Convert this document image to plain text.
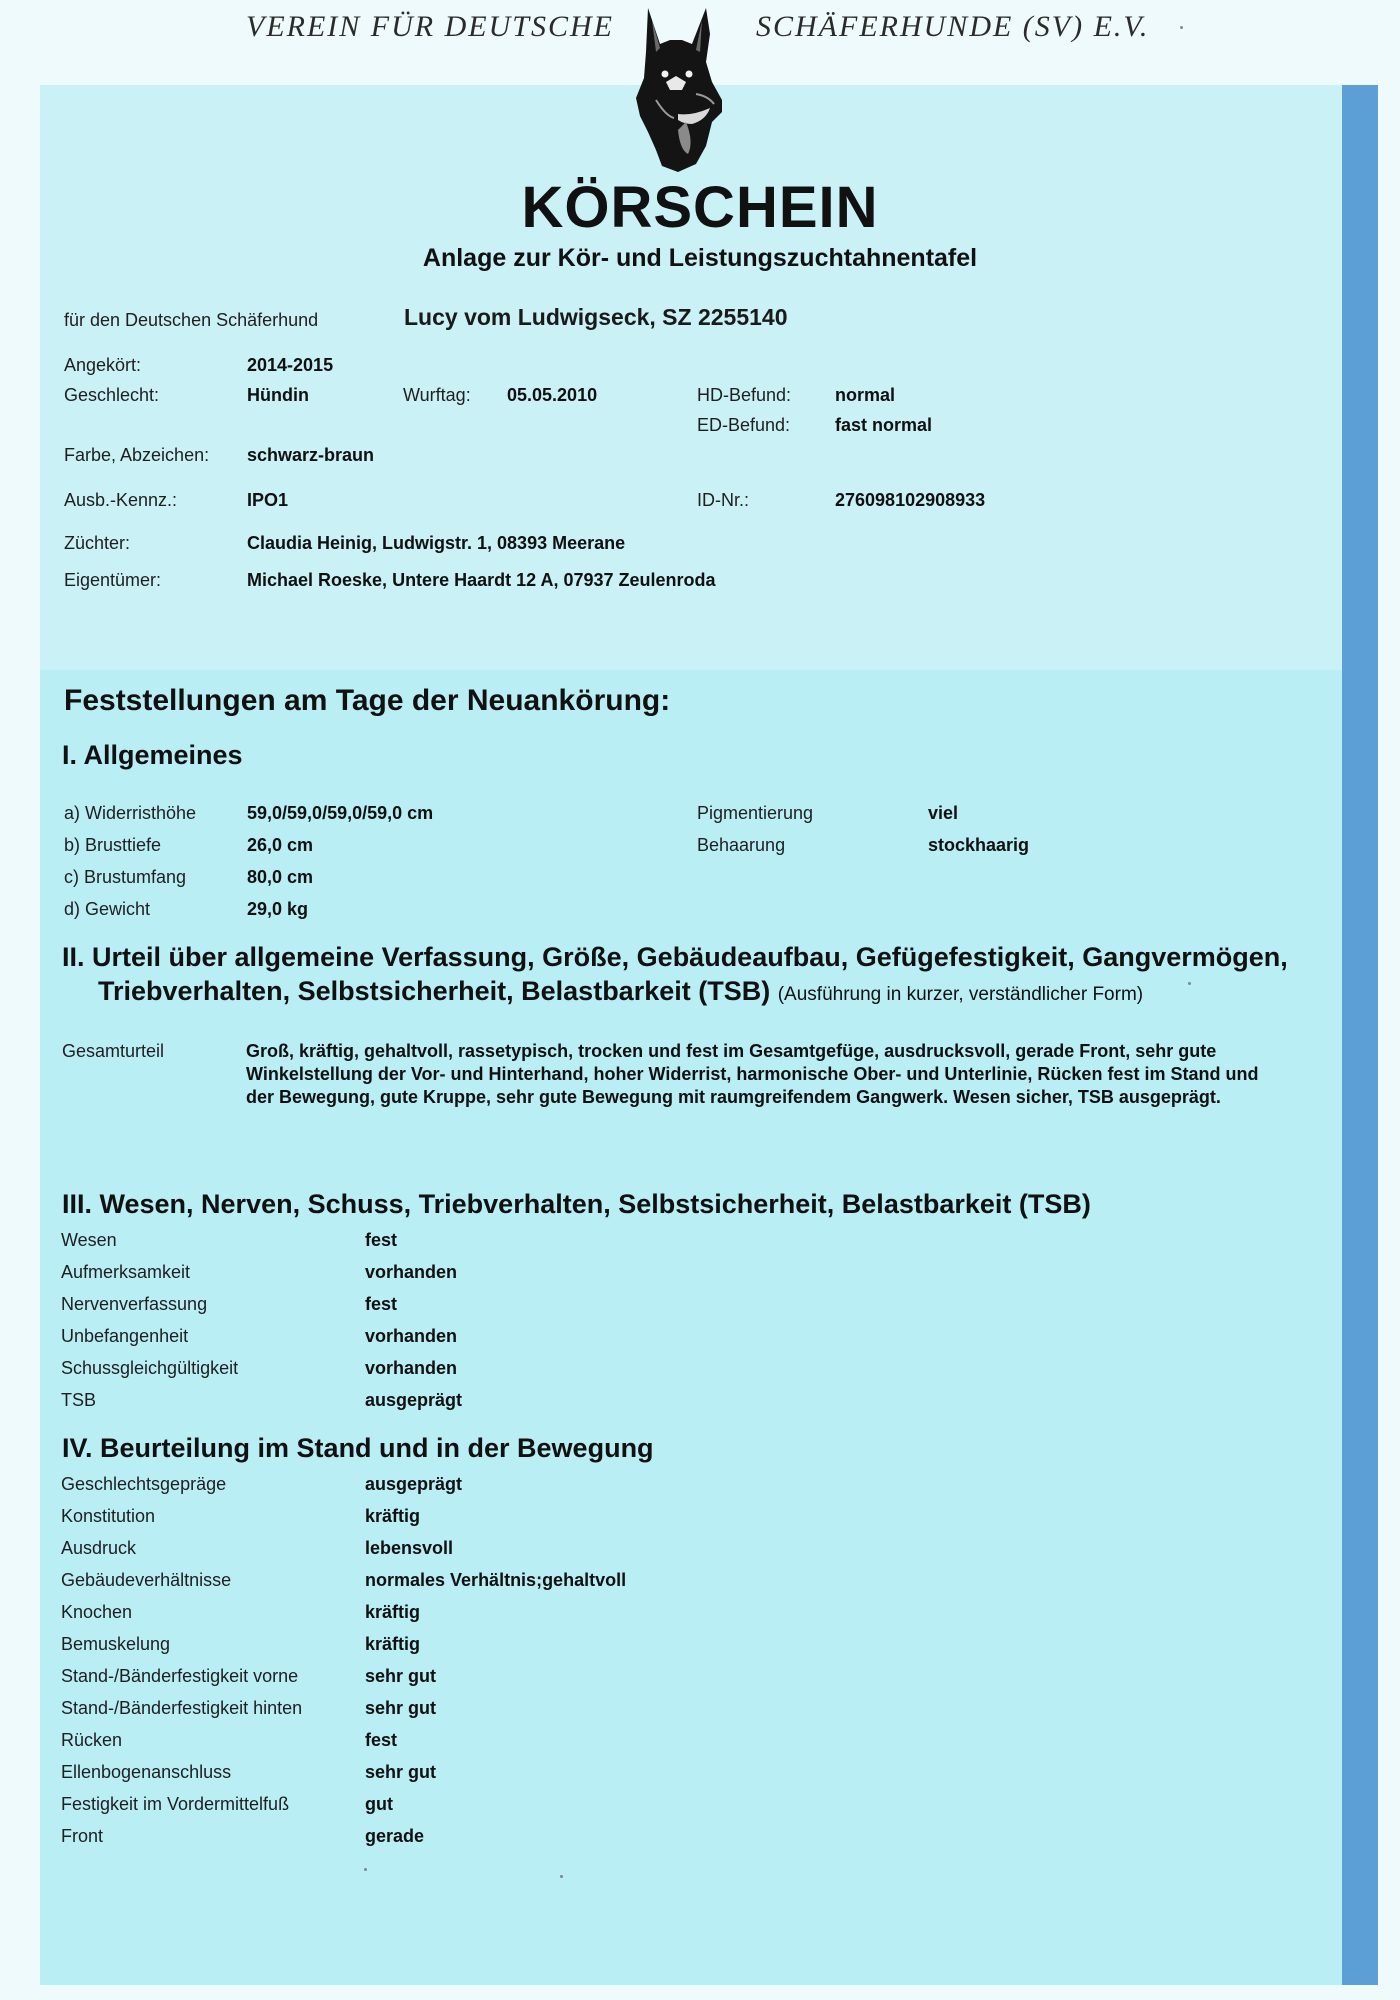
VEREIN FÜR DEUTSCHE	SCHÄFERHUNDE (SV) E.V.
KÖRSCHEIN
Anlage zur Kör- und Leistungszuchtahnentafel
für den Deutschen Schäferhund	Lucy vom Ludwigseck, SZ 2255140
Angekört:	2014-2015
Geschlecht:	Hündin	Wurftag: 05.05.2010	HD-Befund: normal
ED-Befund: fast normal
Farbe, Abzeichen: schwarz-braun
Ausb.-Kennz.:	IPO1	ID-Nr.:	276098102908933
Züchter:	Claudia Heinig, Ludwigstr. 1, 08393 Meerane
Eigentümer:	Michael Roeske, Untere Haardt 12 A, 07937 Zeulenroda
Feststellungen am Tage der Neuankörung:
I. Allgemeines
a) Widerristhöhe	59,0/59,0/59,0/59,0 cm
b) Brusttiefe	26,0 cm
c) Brustumfang	80,0 cm
d) Gewicht	29,0 kg
Pigmentierung	viel
Behaarung	stockhaarig
II. Urteil über allgemeine Verfassung, Größe, Gebäudeaufbau, Gefügefestigkeit, Gangvermögen,
Triebverhalten, Selbstsicherheit, Belastbarkeit (TSB) (Ausführung in kurzer, verständlicher Form)
Gesamturteil	Groß, kräftig, gehaltvoll, rassetypisch, trocken und fest im Gesamtgefüge, ausdrucksvoll, gerade Front, sehr gute Winkelstellung der Vor- und Hinterhand, hoher Widerrist, harmonische Ober- und Unterlinie, Rücken fest im Stand und der Bewegung, gute Kruppe, sehr gute Bewegung mit raumgreifendem Gangwerk. Wesen sicher, TSB ausgeprägt.
III. Wesen, Nerven, Schuss, Triebverhalten, Selbstsicherheit, Belastbarkeit (TSB)
Wesen	fest
Aufmerksamkeit	vorhanden
Nervenverfassung	fest
Unbefangenheit	vorhanden
Schussgleichgültigkeit	vorhanden
TSB	ausgeprägt
IV. Beurteilung im Stand und in der Bewegung
Geschlechtsgepräge	ausgeprägt
Konstitution	kräftig
Ausdruck	lebensvoll
Gebäudeverhältnisse	normales Verhältnis;gehaltvoll
Knochen	kräftig
Bemuskelung	kräftig
Stand-/Bänderfestigkeit vorne	sehr gut
Stand-/Bänderfestigkeit hinten	sehr gut
Rücken	fest
Ellenbogenanschluss	sehr gut
Festigkeit im Vordermittelfuß	gut
Front	gerade
